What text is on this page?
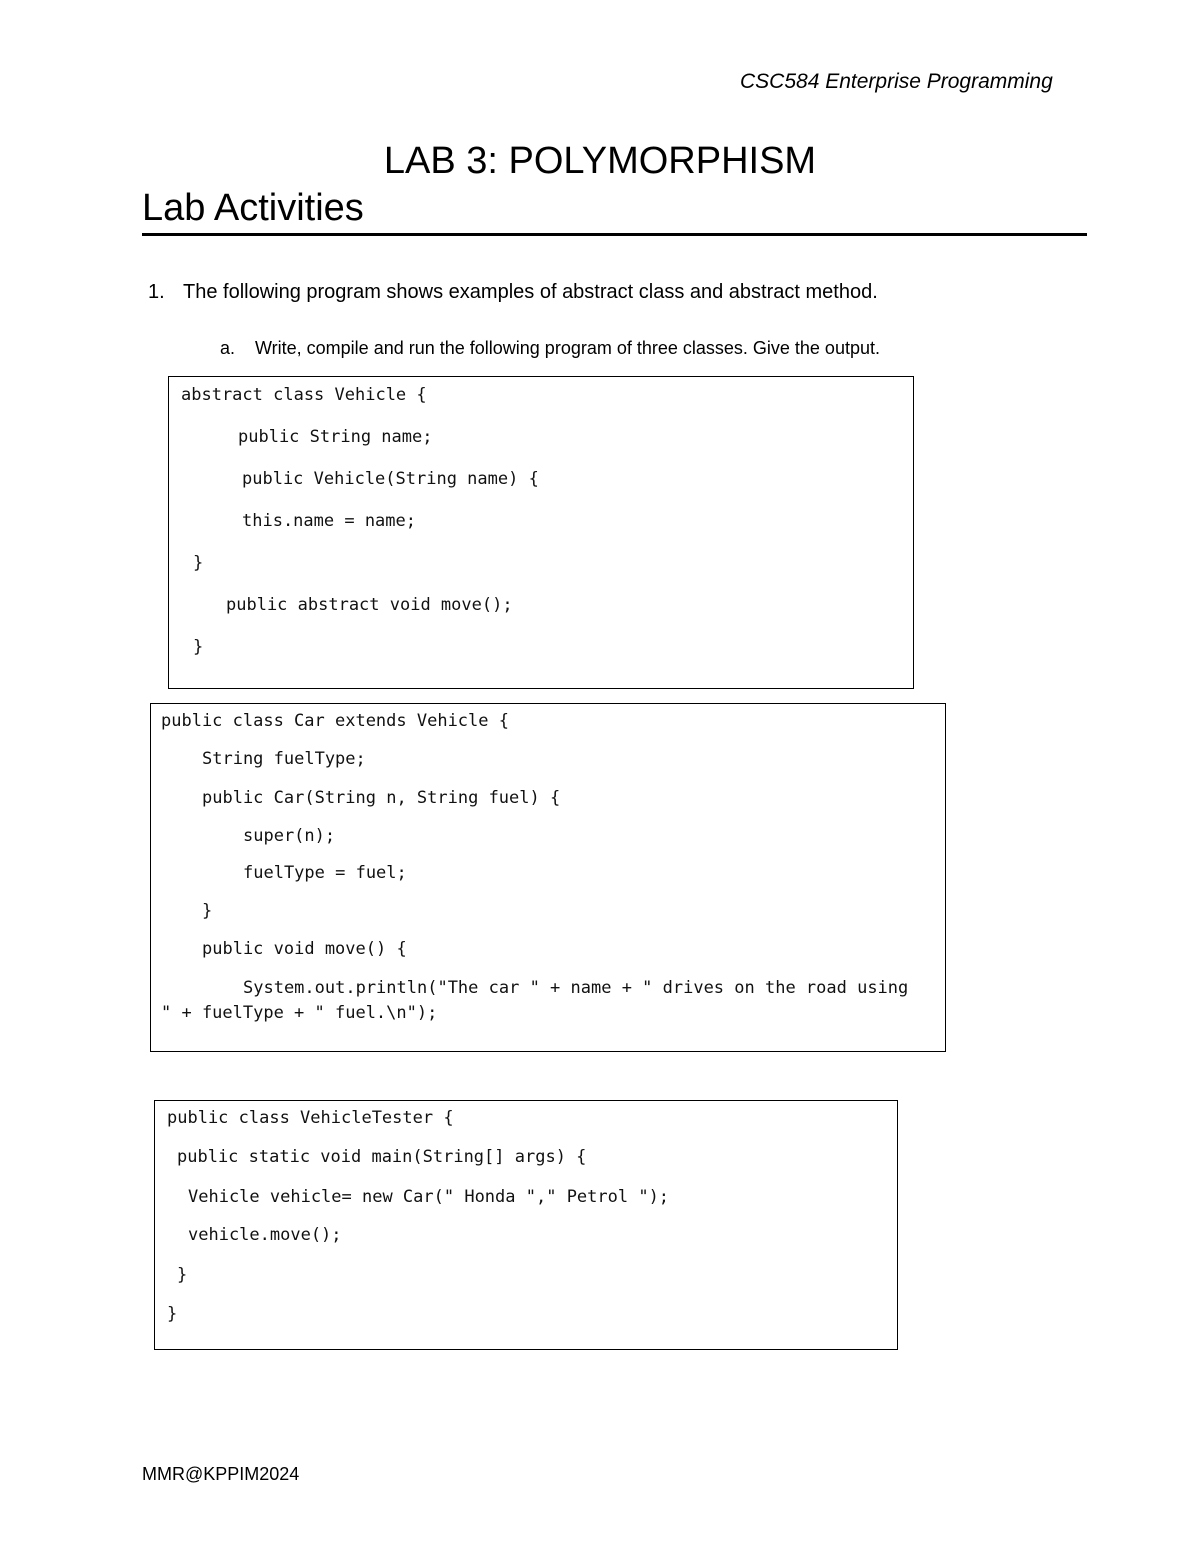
CSC584 Enterprise Programming
LAB 3: POLYMORPHISM
Lab Activities
1. The following program shows examples of abstract class and abstract method.
a. Write, compile and run the following program of three classes. Give the output.
abstract class Vehicle {
public String name;
public Vehicle(String name) {
this.name = name;
}
public abstract void move();
}
public class Car extends Vehicle {
String fuelType;
public Car(String n, String fuel) {
super(n);
fuelType = fuel;
}
public void move() {
System.out.println("The car " + name + " drives on the road using
" + fuelType + " fuel.\n");
public class VehicleTester {
public static void main(String[] args) {
Vehicle vehicle= new Car(" Honda "," Petrol ");
vehicle.move();
}
}
MMR@KPPIM2024
